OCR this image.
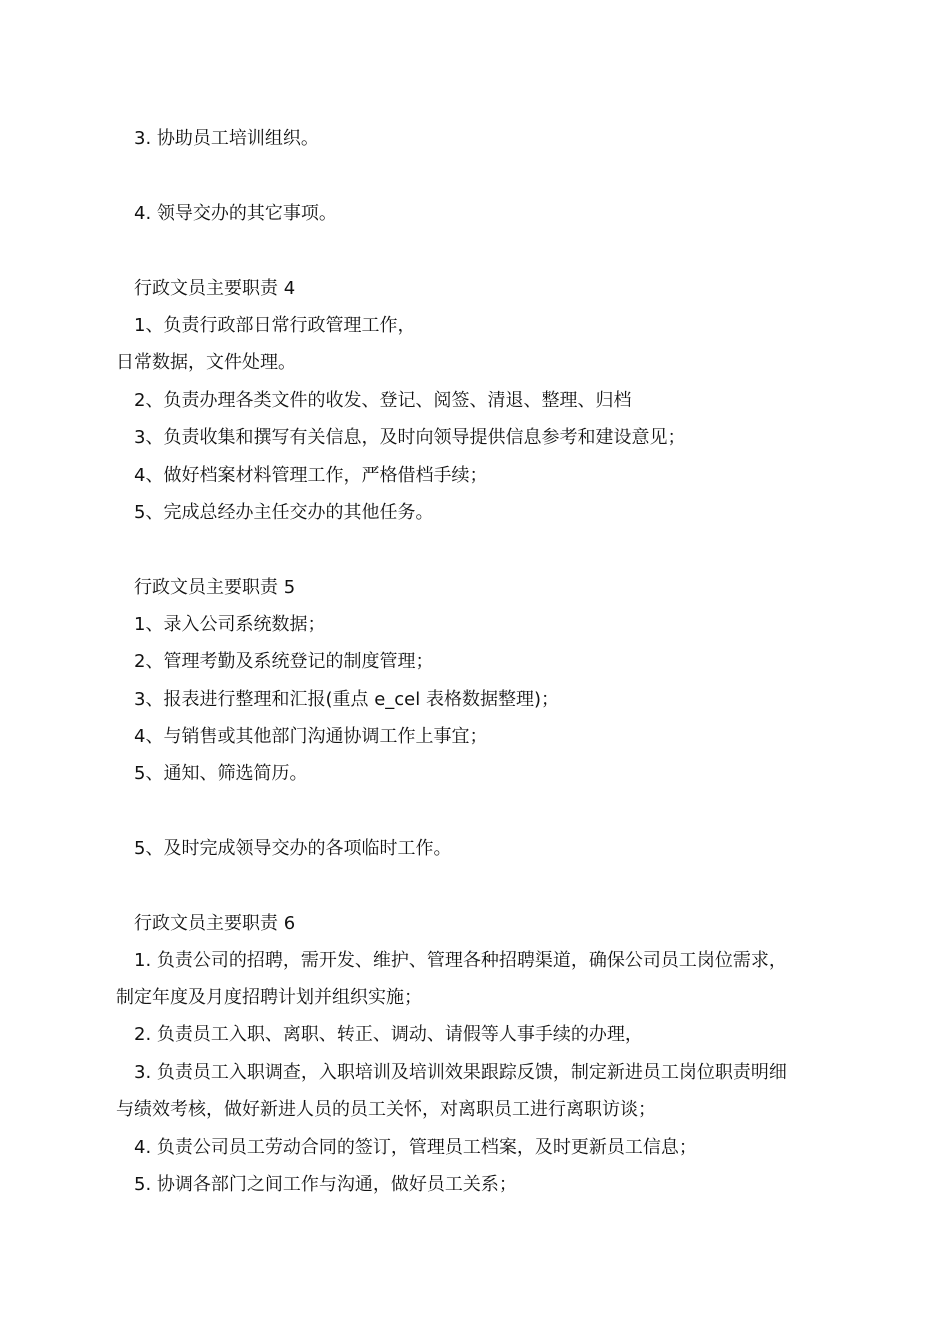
3. 协助员工培训组织。
4. 领导交办的其它事项。
行政文员主要职责 4
1、负责行政部日常行政管理工作，
日常数据，文件处理。
2、负责办理各类文件的收发、登记、阅签、清退、整理、归档
3、负责收集和撰写有关信息，及时向领导提供信息参考和建设意见；
4、做好档案材料管理工作，严格借档手续；
5、完成总经办主任交办的其他任务。
行政文员主要职责 5
1、录入公司系统数据；
2、管理考勤及系统登记的制度管理；
3、报表进行整理和汇报(重点 e_cel 表格数据整理)；
4、与销售或其他部门沟通协调工作上事宜；
5、通知、筛选简历。
5、及时完成领导交办的各项临时工作。
行政文员主要职责 6
1. 负责公司的招聘，需开发、维护、管理各种招聘渠道，确保公司员工岗位需求，
制定年度及月度招聘计划并组织实施；
2. 负责员工入职、离职、转正、调动、请假等人事手续的办理，
3. 负责员工入职调查，入职培训及培训效果跟踪反馈，制定新进员工岗位职责明细
与绩效考核，做好新进人员的员工关怀，对离职员工进行离职访谈；
4. 负责公司员工劳动合同的签订，管理员工档案，及时更新员工信息；
5. 协调各部门之间工作与沟通，做好员工关系；
